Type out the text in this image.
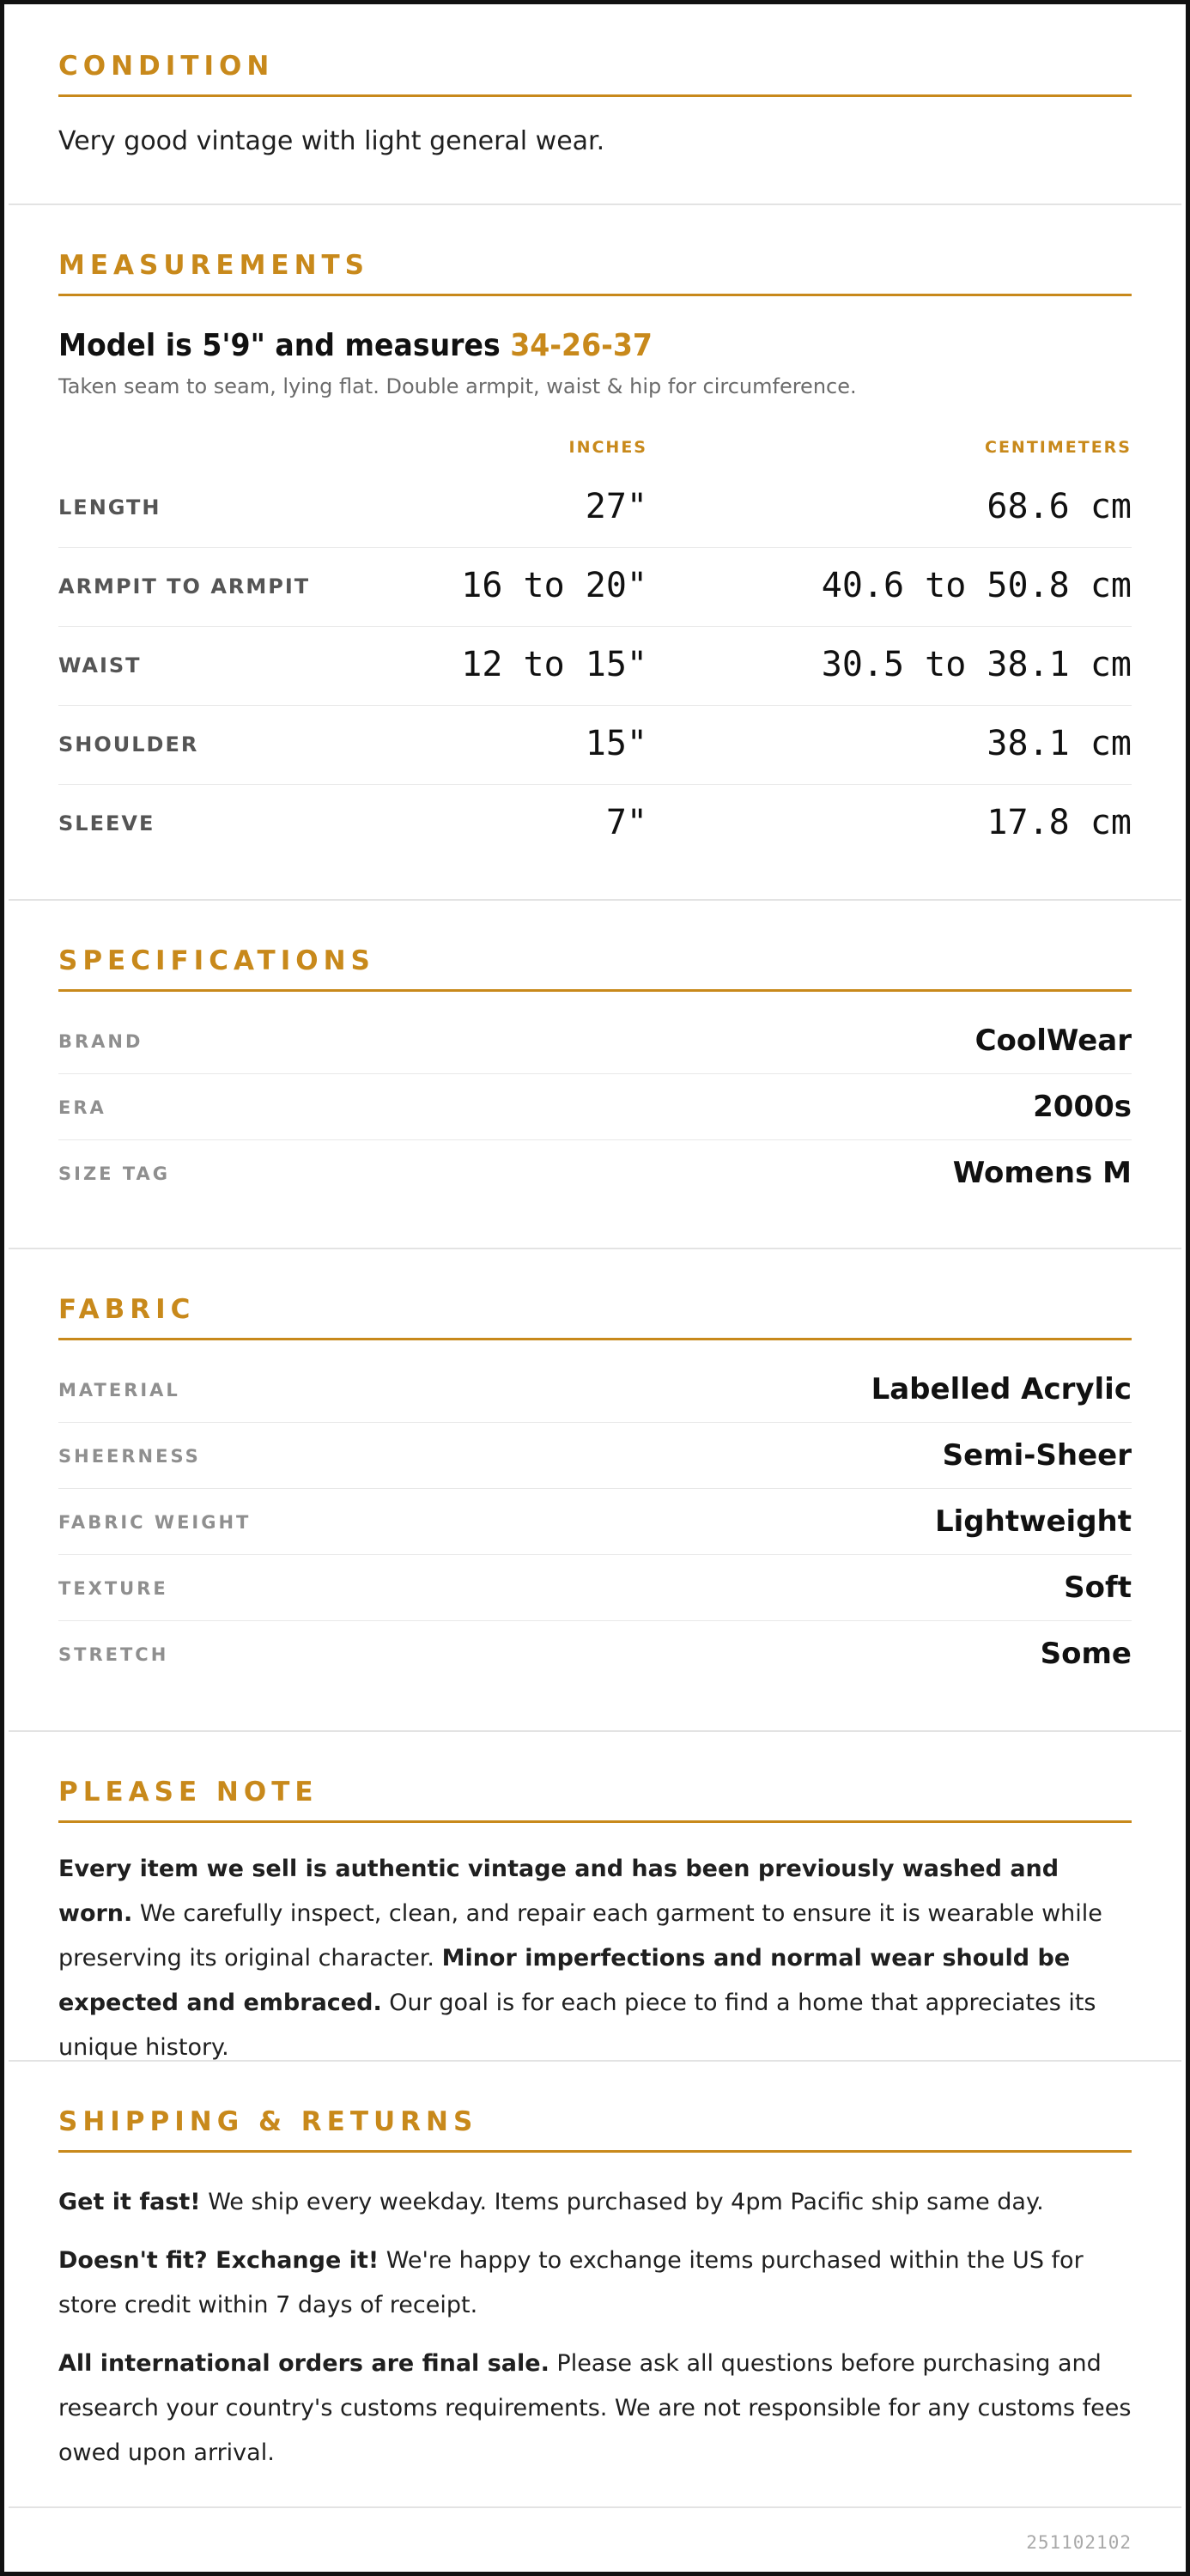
CONDITION
Very good vintage with light general wear.
MEASUREMENTS
Model is 5'9" and measures 34-26-37
Taken seam to seam, lying flat. Double armpit, waist & hip for circumference.
INCHES	CENTIMETERS
LENGTH	27"	68.6 cm
ARMPIT TO ARMPIT	16 to 20"	40.6 to 50.8 cm
WAIST	12 to 15"	30.5 to 38.1 cm
SHOULDER	15"	38.1 cm
SLEEVE	7"	17.8 cm
SPECIFICATIONS
BRAND	CoolWear
ERA	2000s
SIZE TAG	Womens M
FABRIC
MATERIAL	Labelled Acrylic
SHEERNESS	Semi-Sheer
FABRIC WEIGHT	Lightweight
TEXTURE	Soft
STRETCH	Some
PLEASE NOTE
Every item we sell is authentic vintage and has been previously washed and worn. We carefully inspect, clean, and repair each garment to ensure it is wearable while preserving its original character. Minor imperfections and normal wear should be expected and embraced. Our goal is for each piece to find a home that appreciates its unique history.
SHIPPING & RETURNS
Get it fast! We ship every weekday. Items purchased by 4pm Pacific ship same day.
Doesn't fit? Exchange it! We're happy to exchange items purchased within the US for store credit within 7 days of receipt.
All international orders are final sale. Please ask all questions before purchasing and research your country's customs requirements. We are not responsible for any customs fees owed upon arrival.
251102102
